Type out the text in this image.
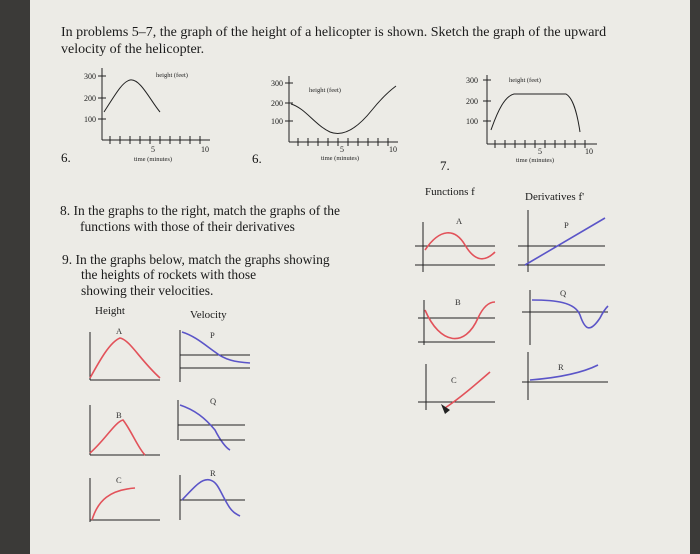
In problems 5–7, the graph of the height of a helicopter is shown. Sketch the graph of the upward
velocity of the helicopter.
300
200
100
height (feet)
5	10
time (minutes)
6.
300
200
100
height (feet)
5	10
time (minutes)
6.
300
200
100
height (feet)
5	10
time (minutes)
7.
8. In the graphs to the right, match the graphs of the
functions with those of their derivatives
9. In the graphs below, match the graphs showing
the heights of rockets with those
showing their velocities.
Height	Velocity
A
B
C
P
Q
R
Functions f	Derivatives f'
A
B
C
P
Q
R
